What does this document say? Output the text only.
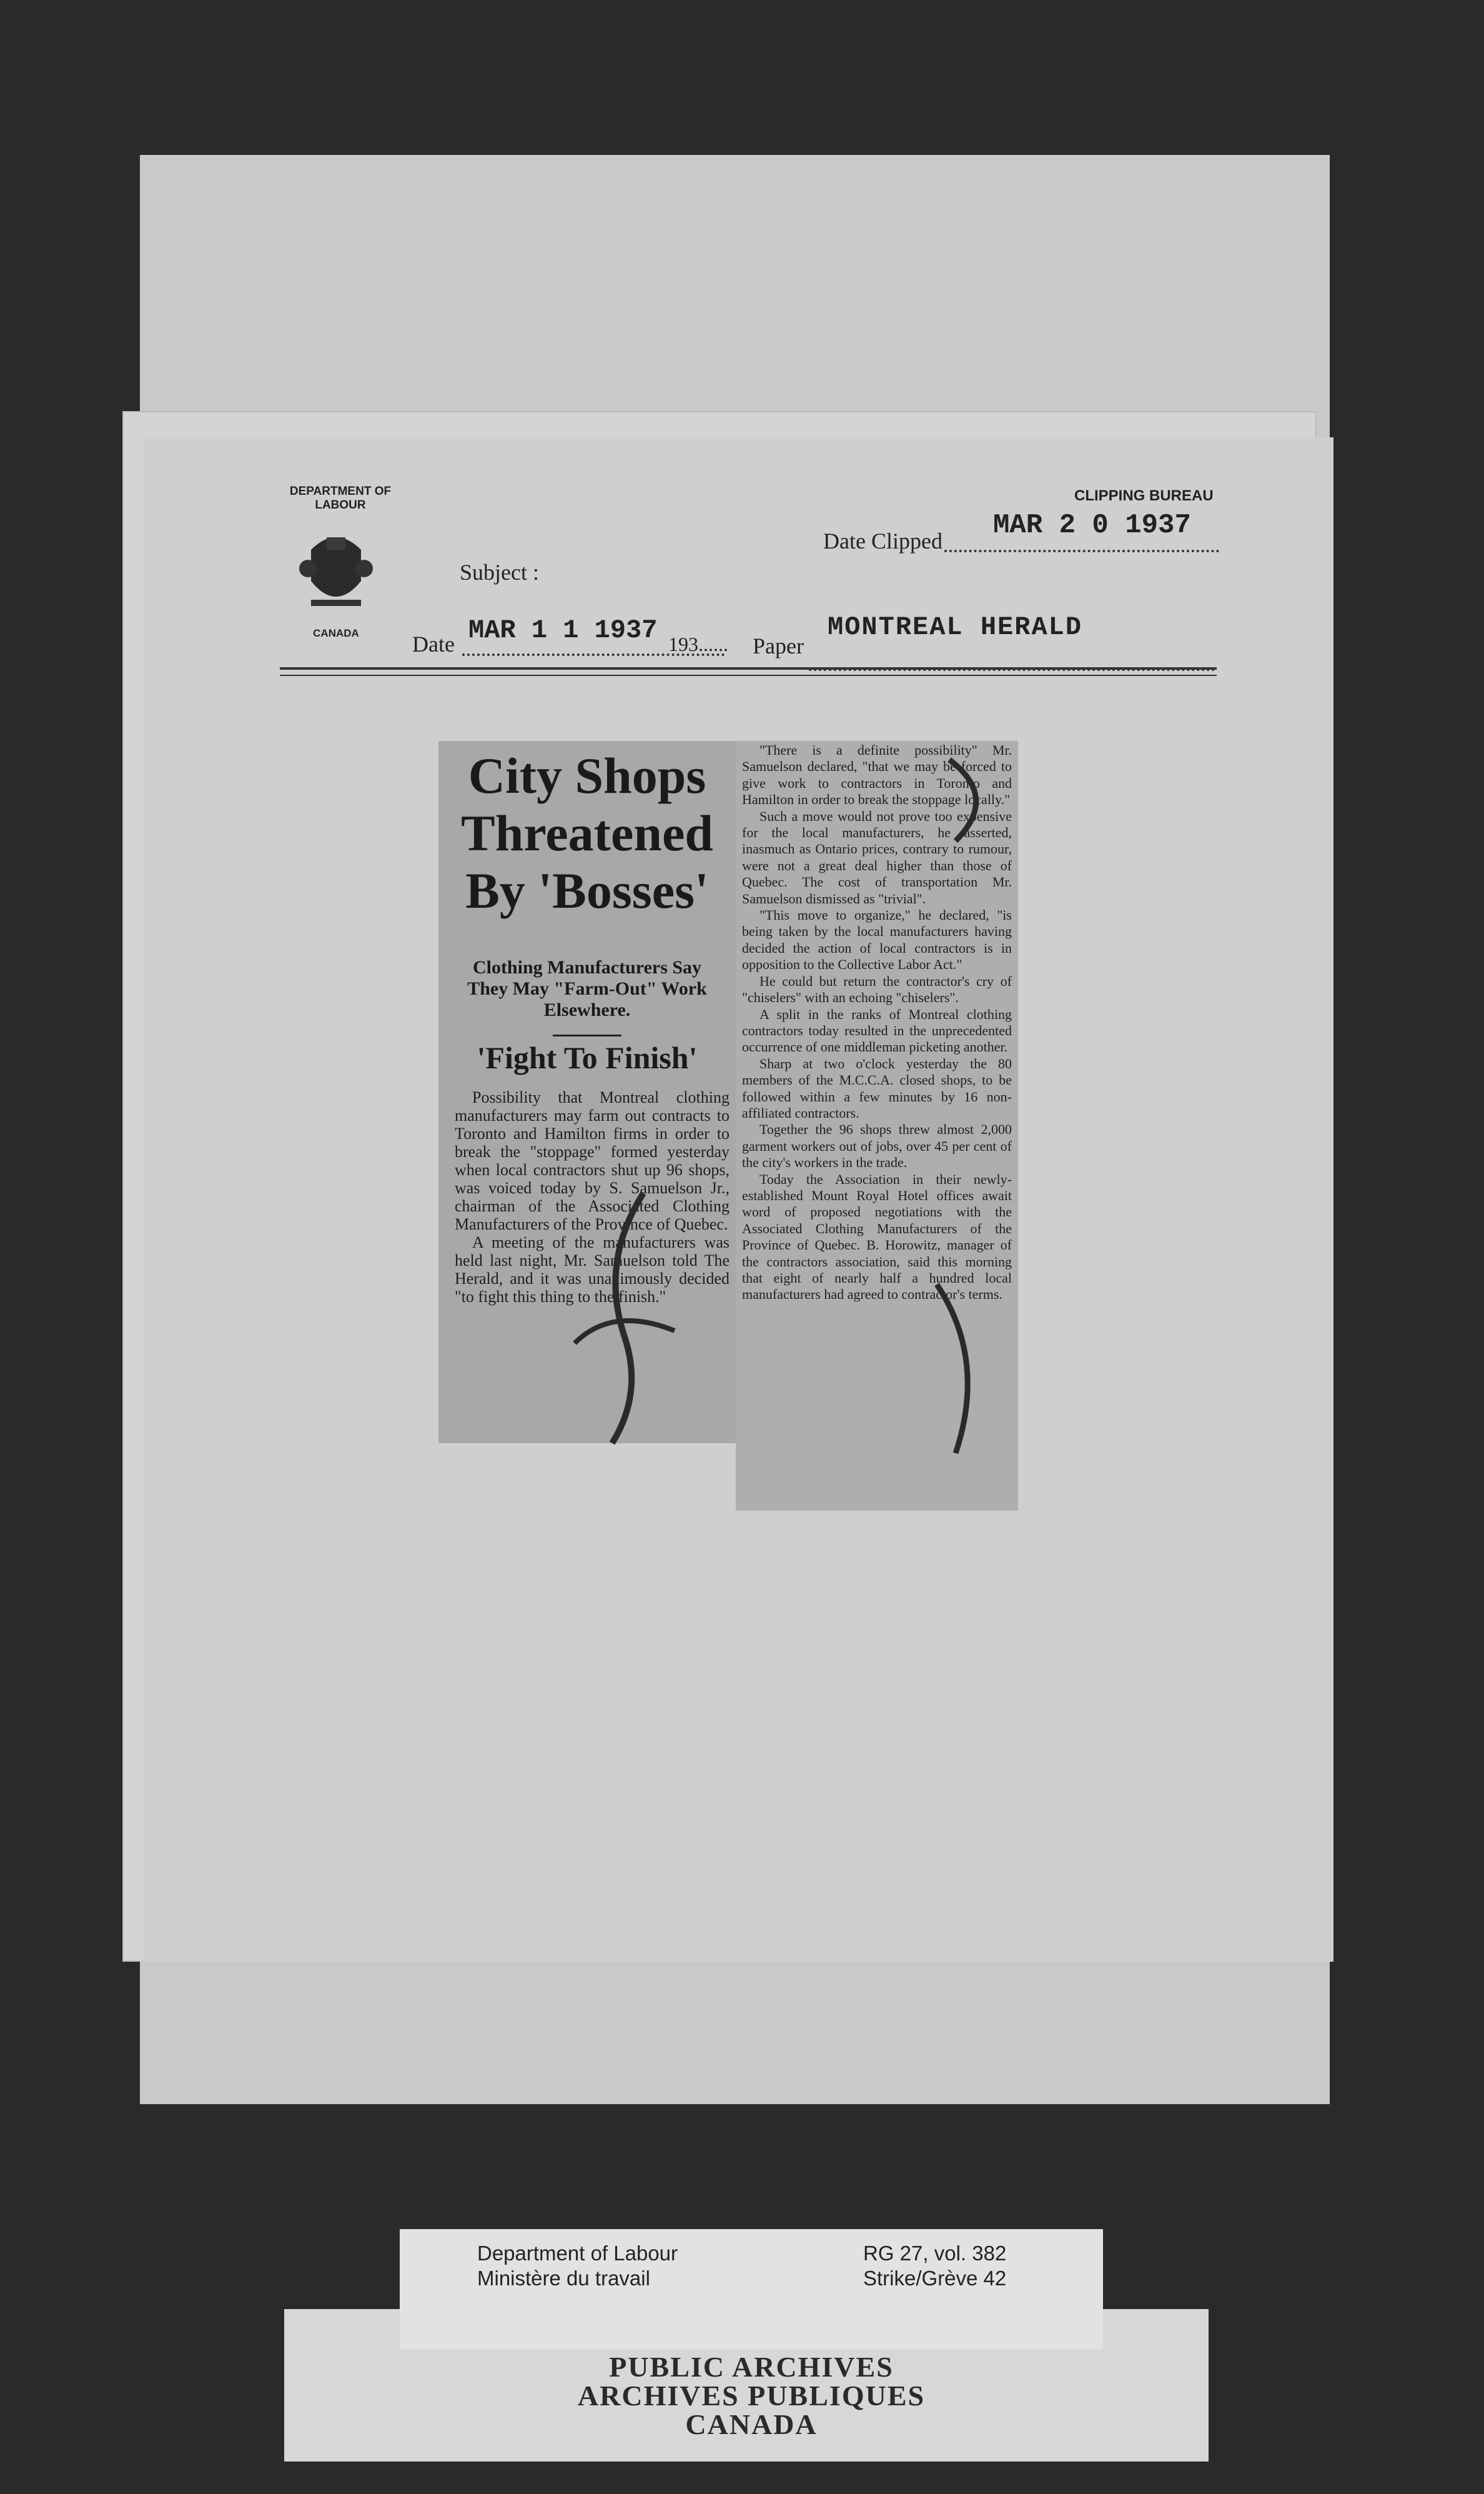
DEPARTMENT OF
LABOUR
CANADA
CLIPPING BUREAU
Date Clipped MAR 2 0 1937
Subject :
Date MAR 1 1 1937 193...... Paper
MONTREAL HERALD
City Shops
Threatened
By 'Bosses'
Clothing Manufacturers Say They May "Farm-Out" Work Elsewhere.
'Fight To Finish'

Possibility that Montreal clothing manufacturers may farm out contracts to Toronto and Hamilton firms in order to break the "stoppage" formed yesterday when local contractors shut up 96 shops, was voiced today by S. Samuelson Jr., chairman of the Associated Clothing Manufacturers of the Province of Quebec.

A meeting of the manufacturers was held last night, Mr. Samuelson told The Herald, and it was unanimously decided "to fight this thing to the finish."

"There is a definite possibility" Mr. Samuelson declared, "that we may be forced to give work to contractors in Toronto and Hamilton in order to break the stoppage locally."

Such a move would not prove too expensive for the local manufacturers, he asserted, inasmuch as Ontario prices, contrary to rumour, were not a great deal higher than those of Quebec. The cost of transportation Mr. Samuelson dismissed as "trivial".

"This move to organize," he declared, "is being taken by the local manufacturers having decided the action of local contractors is in opposition to the Collective Labor Act."

He could but return the contractor's cry of "chiselers" with an echoing "chiselers".

A split in the ranks of Montreal clothing contractors today resulted in the unprecedented occurrence of one middleman picketing another.

Sharp at two o'clock yesterday the 80 members of the M.C.C.A. closed shops, to be followed within a few minutes by 16 non-affiliated contractors.

Together the 96 shops threw almost 2,000 garment workers out of jobs, over 45 per cent of the city's workers in the trade.

Today the Association in their newly-established Mount Royal Hotel offices await word of proposed negotiations with the Associated Clothing Manufacturers of the Province of Quebec. B. Horowitz, manager of the contractors association, said this morning that eight of nearly half a hundred local manufacturers had agreed to contractor's terms.

Department of Labour
Ministère du travail
RG 27, vol. 382
Strike/Grève 42
PUBLIC ARCHIVES
ARCHIVES PUBLIQUES
CANADA
